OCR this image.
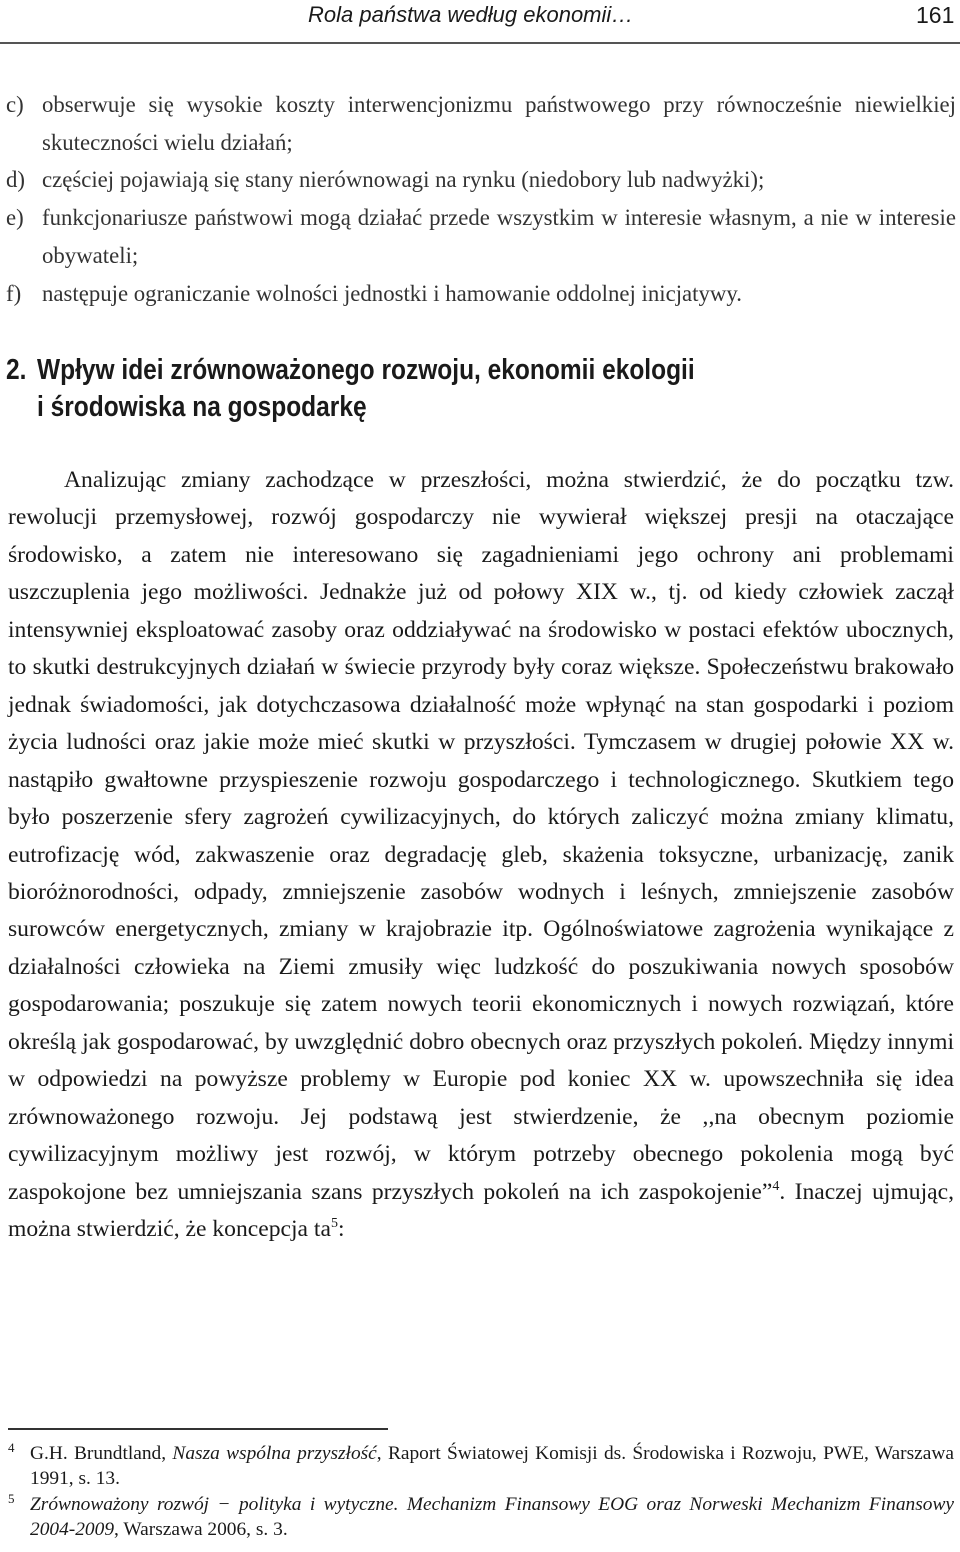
Rola państwa według ekonomii…	161
c) obserwuje się wysokie koszty interwencjonizmu państwowego przy równocześnie niewielkiej skuteczności wielu działań;
d) częściej pojawiają się stany nierównowagi na rynku (niedobory lub nadwyżki);
e) funkcjonariusze państwowi mogą działać przede wszystkim w interesie własnym, a nie w interesie obywateli;
f) następuje ograniczanie wolności jednostki i hamowanie oddolnej inicjatywy.
2. Wpływ idei zrównoważonego rozwoju, ekonomii ekologii
i środowiska na gospodarkę

Analizując zmiany zachodzące w przeszłości, można stwierdzić, że do początku tzw. rewolucji przemysłowej, rozwój gospodarczy nie wywierał większej presji na otaczające środowisko, a zatem nie interesowano się zagadnieniami jego ochrony ani problemami uszczuplenia jego możliwości. Jednakże już od połowy XIX w., tj. od kiedy człowiek zaczął intensywniej eksploatować zasoby oraz oddziaływać na środowisko w postaci efektów ubocznych, to skutki destrukcyjnych działań w świecie przyrody były coraz większe. Społeczeństwu brakowało jednak świadomości, jak dotychczasowa działalność może wpłynąć na stan gospodarki i poziom życia ludności oraz jakie może mieć skutki w przyszłości. Tymczasem w drugiej połowie XX w. nastąpiło gwałtowne przyspieszenie rozwoju gospodarczego i technologicznego. Skutkiem tego było poszerzenie sfery zagrożeń cywilizacyjnych, do których zaliczyć można zmiany klimatu, eutrofizację wód, zakwaszenie oraz degradację gleb, skażenia toksyczne, urbanizację, zanik bioróżnorodności, odpady, zmniejszenie zasobów wodnych i leśnych, zmniejszenie zasobów surowców energetycznych, zmiany w krajobrazie itp. Ogólnoświatowe zagrożenia wynikające z działalności człowieka na Ziemi zmusiły więc ludzkość do poszukiwania nowych sposobów gospodarowania; poszukuje się zatem nowych teorii ekonomicznych i nowych rozwiązań, które określą jak gospodarować, by uwzględnić dobro obecnych oraz przyszłych pokoleń. Między innymi w odpowiedzi na powyższe problemy w Europie pod koniec XX w. upowszechniła się idea zrównoważonego rozwoju. Jej podstawą jest stwierdzenie, że ,,na obecnym poziomie cywilizacyjnym możliwy jest rozwój, w którym potrzeby obecnego pokolenia mogą być zaspokojone bez umniejszania szans przyszłych pokoleń na ich zaspokojenie”$^4$. Inaczej ujmując, można stwierdzić, że koncepcja $ta^5$:

4 G.H. Brundtland, Nasza wspólna przyszłość, Raport Światowej Komisji ds. Środowiska i Rozwoju, PWE, Warszawa 1991, s. 13.
5 Zrównoważony rozwój − polityka i wytyczne. Mechanizm Finansowy EOG oraz Norweski Mechanizm Finansowy 2004-2009, Warszawa 2006, s. 3.
